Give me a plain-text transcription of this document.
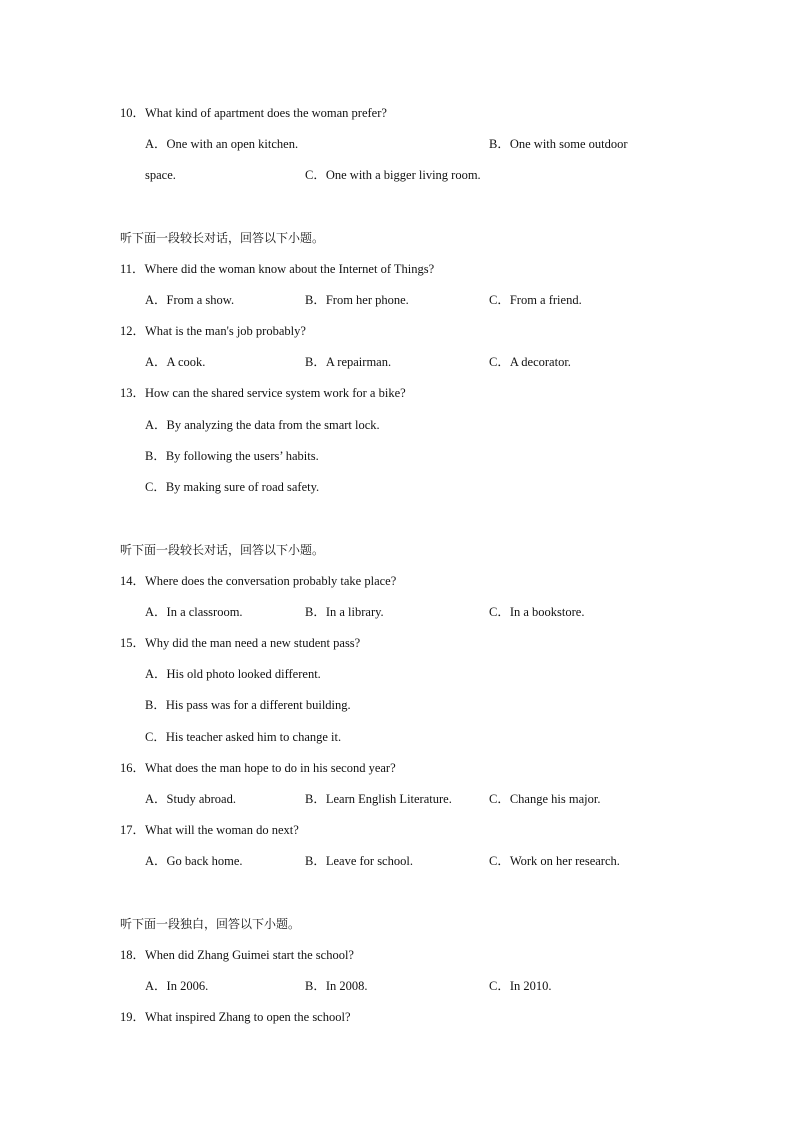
10．What kind of apartment does the woman prefer?
A．One with an open kitchen.	B．One with some outdoor
space.	C．One with a bigger living room.
听下面一段较长对话，回答以下小题。
11．Where did the woman know about the Internet of Things?
A．From a show.	B．From her phone.	C．From a friend.
12．What is the man's job probably?
A．A cook.	B．A repairman.	C．A decorator.
13．How can the shared service system work for a bike?
A．By analyzing the data from the smart lock.
B．By following the users’ habits.
C．By making sure of road safety.
听下面一段较长对话，回答以下小题。
14．Where does the conversation probably take place?
A．In a classroom.	B．In a library.	C．In a bookstore.
15．Why did the man need a new student pass?
A．His old photo looked different.
B．His pass was for a different building.
C．His teacher asked him to change it.
16．What does the man hope to do in his second year?
A．Study abroad.	B．Learn English Literature.	C．Change his major.
17．What will the woman do next?
A．Go back home.	B．Leave for school.	C．Work on her research.
听下面一段独白，回答以下小题。
18．When did Zhang Guimei start the school?
A．In 2006.	B．In 2008.	C．In 2010.
19．What inspired Zhang to open the school?
